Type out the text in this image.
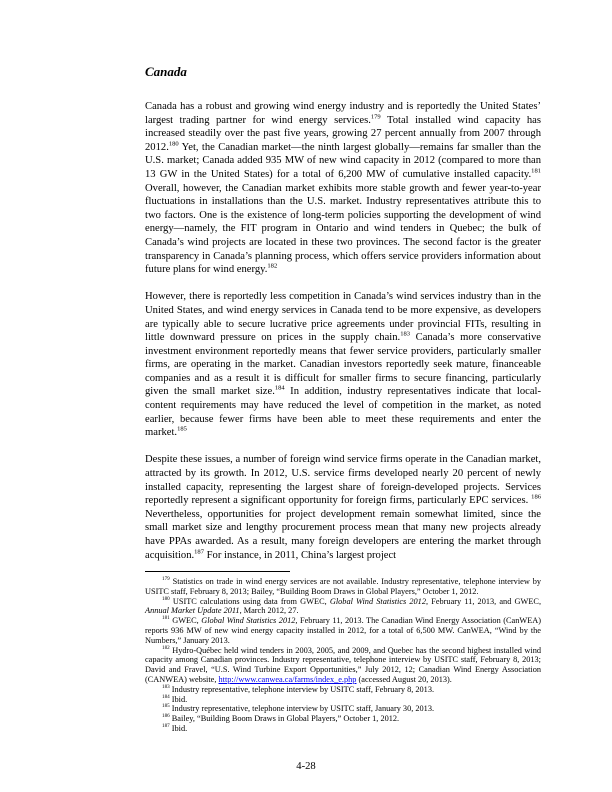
Canada

Canada has a robust and growing wind energy industry and is reportedly the United States’ largest trading partner for wind energy services.$^{179}$ Total installed wind capacity has increased steadily over the past five years, growing 27 percent annually from 2007 through 2012.$^{180}$ Yet, the Canadian market—the ninth largest globally—remains far smaller than the U.S. market; Canada added 935 MW of new wind capacity in 2012 (compared to more than 13 GW in the United States) for a total of 6,200 MW of cumulative installed capacity.$^{181}$ Overall, however, the Canadian market exhibits more stable growth and fewer year-to-year fluctuations in installations than the U.S. market. Industry representatives attribute this to two factors. One is the existence of long-term policies supporting the development of wind energy—namely, the FIT program in Ontario and wind tenders in Quebec; the bulk of Canada’s wind projects are located in these two provinces. The second factor is the greater transparency in Canada’s planning process, which offers service providers information about future plans for wind energy.$^{182}$

However, there is reportedly less competition in Canada’s wind services industry than in the United States, and wind energy services in Canada tend to be more expensive, as developers are typically able to secure lucrative price agreements under provincial FITs, resulting in little downward pressure on prices in the supply chain.$^{183}$ Canada’s more conservative investment environment reportedly means that fewer service providers, particularly smaller firms, are operating in the market. Canadian investors reportedly seek mature, financeable companies and as a result it is difficult for smaller firms to secure financing, particularly given the small market size.$^{184}$ In addition, industry representatives indicate that local-content requirements may have reduced the level of competition in the market, as noted earlier, because fewer firms have been able to meet these requirements and enter the market.$^{185}$

Despite these issues, a number of foreign wind service firms operate in the Canadian market, attracted by its growth. In 2012, U.S. service firms developed nearly 20 percent of newly installed capacity, representing the largest share of foreign-developed projects. Services reportedly represent a significant opportunity for foreign firms, particularly EPC services. $^{186}$ Nevertheless, opportunities for project development remain somewhat limited, since the small market size and lengthy procurement process mean that many new projects already have PPAs awarded. As a result, many foreign developers are entering the market through acquisition.$^{187}$ For instance, in 2011, China’s largest project

$^{179}$ Statistics on trade in wind energy services are not available. Industry representative, telephone interview by USITC staff, February 8, 2013; Bailey, “Building Boom Draws in Global Players,” October 1, 2012.

$^{180}$ USITC calculations using data from GWEC, Global Wind Statistics 2012, February 11, 2013, and GWEC, Annual Market Update 2011, March 2012, 27.

$^{181}$ GWEC, Global Wind Statistics 2012, February 11, 2013. The Canadian Wind Energy Association (CanWEA) reports 936 MW of new wind energy capacity installed in 2012, for a total of 6,500 MW. CanWEA, “Wind by the Numbers,” January 2013.

$^{182}$ Hydro-Québec held wind tenders in 2003, 2005, and 2009, and Quebec has the second highest installed wind capacity among Canadian provinces. Industry representative, telephone interview by USITC staff, February 8, 2013; David and Fravel, “U.S. Wind Turbine Export Opportunities,” July 2012, 12; Canadian Wind Energy Association (CANWEA) website, http://www.canwea.ca/farms/index_e.php (accessed August 20, 2013).

$^{183}$ Industry representative, telephone interview by USITC staff, February 8, 2013.

$^{184}$ Ibid.

$^{185}$ Industry representative, telephone interview by USITC staff, January 30, 2013.

$^{186}$ Bailey, “Building Boom Draws in Global Players,” October 1, 2012.

$^{187}$ Ibid.

4-28
